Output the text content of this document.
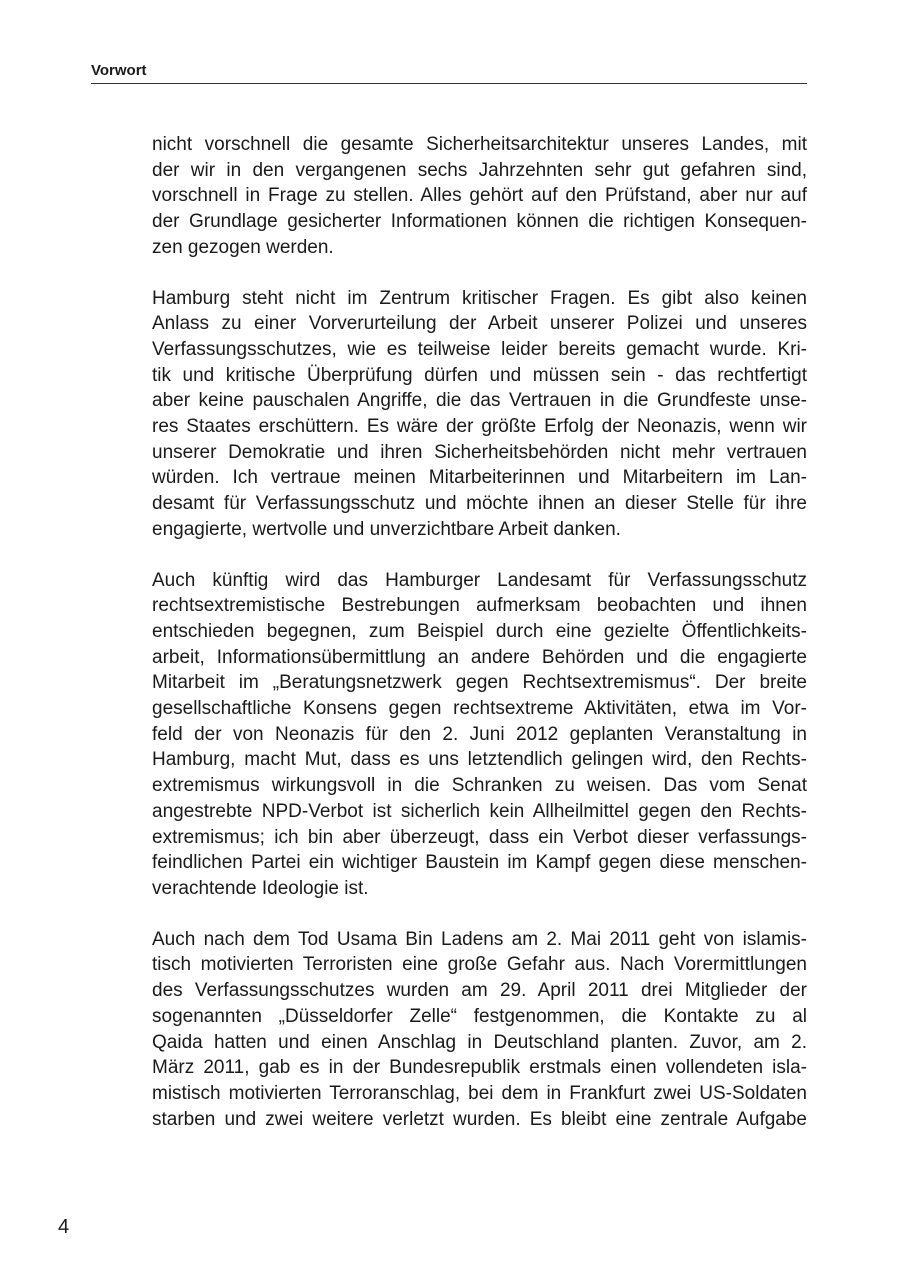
Vorwort
nicht vorschnell die gesamte Sicherheitsarchitektur unseres Landes, mit
der wir in den vergangenen sechs Jahrzehnten sehr gut gefahren sind,
vorschnell in Frage zu stellen. Alles gehört auf den Prüfstand, aber nur auf
der Grundlage gesicherter Informationen können die richtigen Konsequen-
zen gezogen werden.
Hamburg steht nicht im Zentrum kritischer Fragen. Es gibt also keinen
Anlass zu einer Vorverurteilung der Arbeit unserer Polizei und unseres
Verfassungsschutzes, wie es teilweise leider bereits gemacht wurde. Kri-
tik und kritische Überprüfung dürfen und müssen sein - das rechtfertigt
aber keine pauschalen Angriffe, die das Vertrauen in die Grundfeste unse-
res Staates erschüttern. Es wäre der größte Erfolg der Neonazis, wenn wir
unserer Demokratie und ihren Sicherheitsbehörden nicht mehr vertrauen
würden. Ich vertraue meinen Mitarbeiterinnen und Mitarbeitern im Lan-
desamt für Verfassungsschutz und möchte ihnen an dieser Stelle für ihre
engagierte, wertvolle und unverzichtbare Arbeit danken.
Auch künftig wird das Hamburger Landesamt für Verfassungsschutz
rechtsextremistische Bestrebungen aufmerksam beobachten und ihnen
entschieden begegnen, zum Beispiel durch eine gezielte Öffentlichkeits-
arbeit, Informationsübermittlung an andere Behörden und die engagierte
Mitarbeit im „Beratungsnetzwerk gegen Rechtsextremismus“. Der breite
gesellschaftliche Konsens gegen rechtsextreme Aktivitäten, etwa im Vor-
feld der von Neonazis für den 2. Juni 2012 geplanten Veranstaltung in
Hamburg, macht Mut, dass es uns letztendlich gelingen wird, den Rechts-
extremismus wirkungsvoll in die Schranken zu weisen. Das vom Senat
angestrebte NPD-Verbot ist sicherlich kein Allheilmittel gegen den Rechts-
extremismus; ich bin aber überzeugt, dass ein Verbot dieser verfassungs-
feindlichen Partei ein wichtiger Baustein im Kampf gegen diese menschen-
verachtende Ideologie ist.
Auch nach dem Tod Usama Bin Ladens am 2. Mai 2011 geht von islamis-
tisch motivierten Terroristen eine große Gefahr aus. Nach Vorermittlungen
des Verfassungsschutzes wurden am 29. April 2011 drei Mitglieder der
sogenannten „Düsseldorfer Zelle“ festgenommen, die Kontakte zu al
Qaida hatten und einen Anschlag in Deutschland planten. Zuvor, am 2.
März 2011, gab es in der Bundesrepublik erstmals einen vollendeten isla-
mistisch motivierten Terroranschlag, bei dem in Frankfurt zwei US-Soldaten
starben und zwei weitere verletzt wurden. Es bleibt eine zentrale Aufgabe
4
